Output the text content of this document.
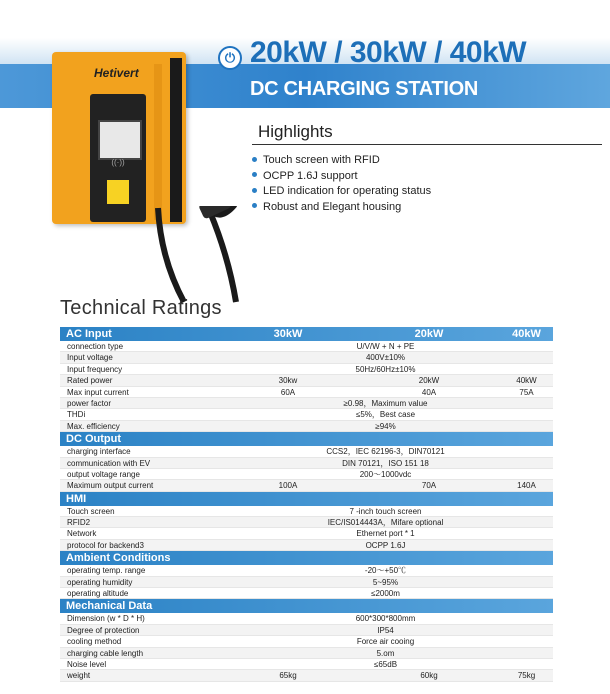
⏻ 20kW / 30kW / 40kW
DC CHARGING STATION
Hetivert
((·))
Highlights
Touch screen with RFID
OCPP 1.6J support
LED indication for operating status
Robust and Elegant housing
Technical Ratings
AC Input	30kW	20kW	40kW
connection type	U/V/W + N + PE
Input voltage	400V±10%
Input frequency	50Hz/60Hz±10%
Rated power	30kw	20kW	40kW
Max input current	60A	40A	75A
power factor	≥0.98，Maximum value
THDi	≤5%，Best case
Max. efficiency	≥94%
DC Output
charging interface	CCS2，IEC 62196-3，DIN70121
communication with EV	DIN 70121，ISO 151 18
output voltage range	200～1000vdc
Maximum output current	100A	70A	140A
HMI
Touch screen	7 -inch touch screen
RFID2	IEC/IS014443A，Mifare optional
Network	Ethernet port * 1
protocol for backend3	OCPP 1.6J
Ambient Conditions
operating temp. range	-20～+50℃
operating humidity	5~95%
operating altitude	≤2000m
Mechanical Data
Dimension (w * D * H)	600*300*800mm
Degree of protection	IP54
cooling method	Force air cooing
charging cable length	5.om
Noise level	≤65dB
weight	65kg	60kg	75kg
